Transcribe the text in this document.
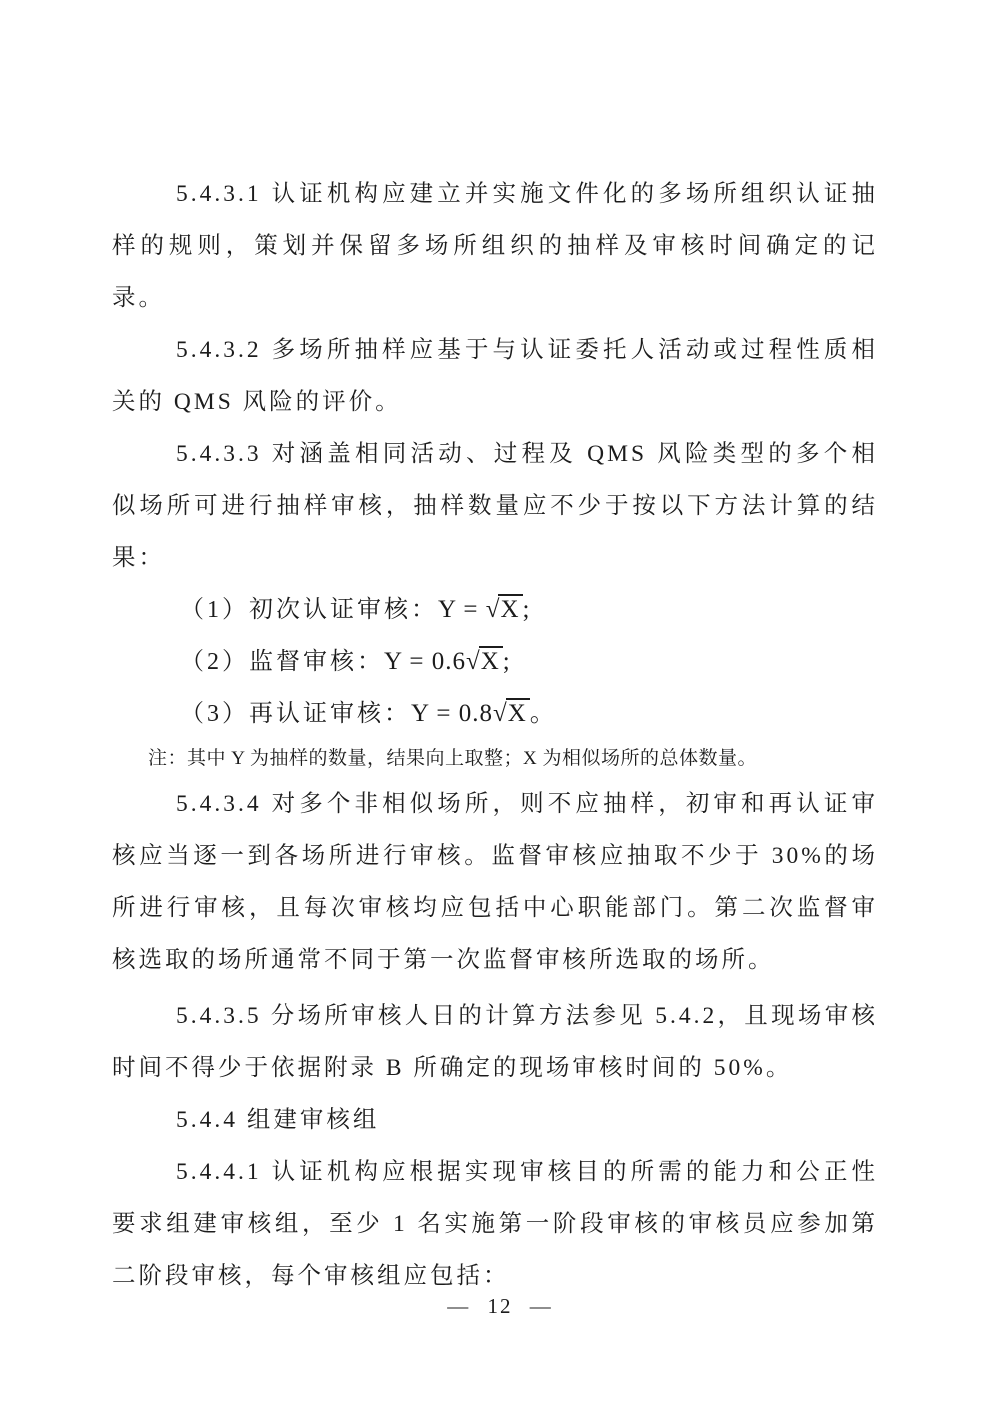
5.4.3.1 认证机构应建立并实施文件化的多场所组织认证抽样的规则，策划并保留多场所组织的抽样及审核时间确定的记录。

5.4.3.2 多场所抽样应基于与认证委托人活动或过程性质相关的 QMS 风险的评价。

5.4.3.3 对涵盖相同活动、过程及 QMS 风险类型的多个相似场所可进行抽样审核，抽样数量应不少于按以下方法计算的结果：

（1）初次认证审核：Y = √X ;

（2）监督审核：Y = 0.6√X ;

（3）再认证审核：Y = 0.8√X 。

注：其中 Y 为抽样的数量，结果向上取整；X 为相似场所的总体数量。

5.4.3.4 对多个非相似场所，则不应抽样，初审和再认证审核应当逐一到各场所进行审核。监督审核应抽取不少于 30%的场所进行审核，且每次审核均应包括中心职能部门。第二次监督审核选取的场所通常不同于第一次监督审核所选取的场所。

5.4.3.5 分场所审核人日的计算方法参见 5.4.2，且现场审核时间不得少于依据附录 B 所确定的现场审核时间的 50%。

5.4.4 组建审核组

5.4.4.1 认证机构应根据实现审核目的所需的能力和公正性要求组建审核组，至少 1 名实施第一阶段审核的审核员应参加第二阶段审核，每个审核组应包括：

— 12 —
